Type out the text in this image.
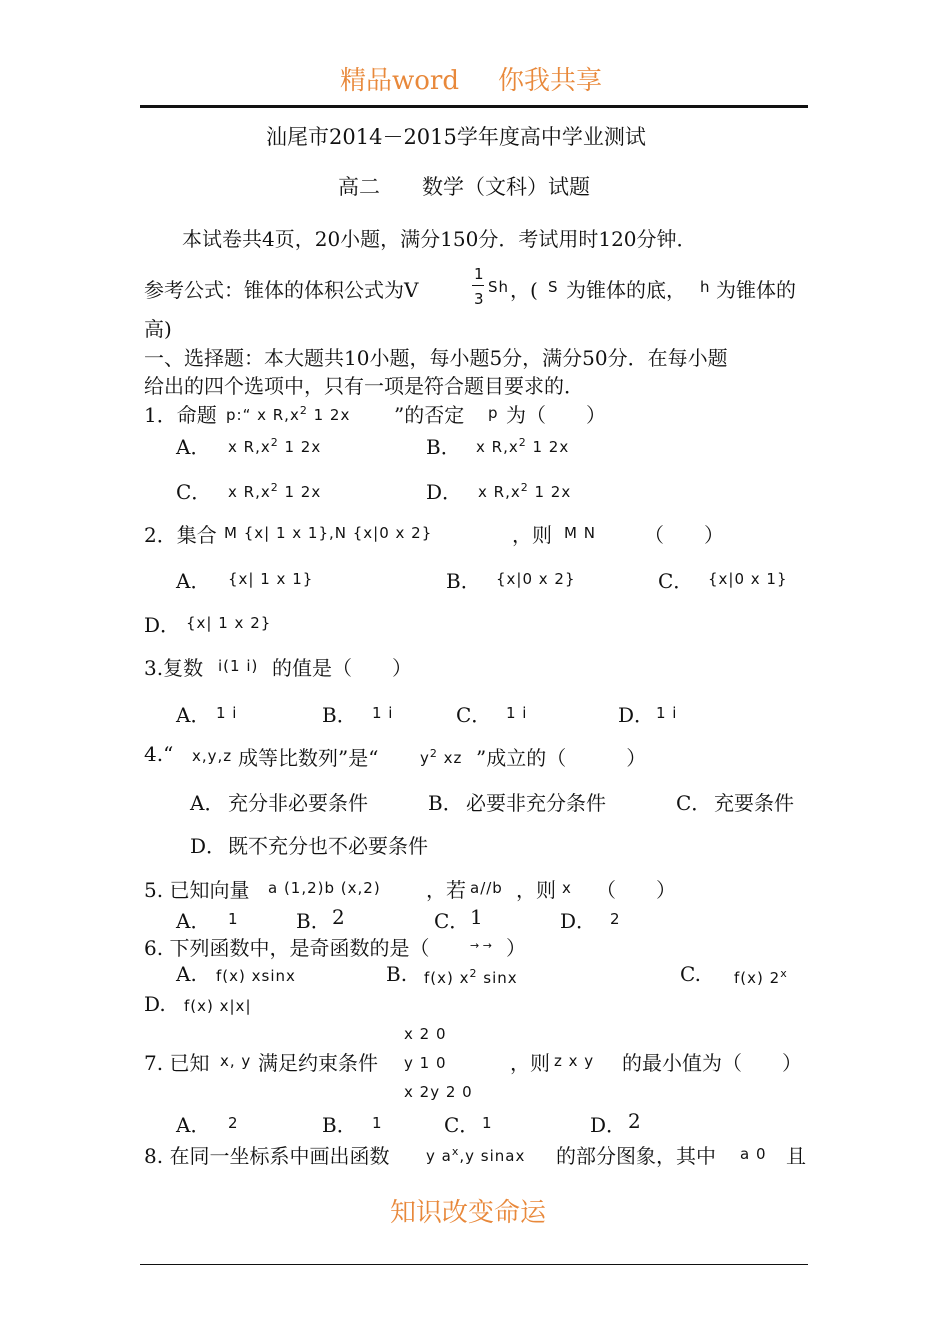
精品word 你我共享
汕尾市2014－2015学年度高中学业测试
高二 数学（文科）试题
本试卷共4页，20小题，满分150分．考试用时120分钟．
参考公式：锥体的体积公式为V
1
3
Sh ，( S 为锥体的底， h 为锥体的
高)
一、选择题：本大题共10小题，每小题5分，满分50分．在每小题
给出的四个选项中，只有一项是符合题目要求的．
1．命题 p:“ x $R,x^2$ 1 2x ”的否定 p 为（　　）
A． x $R,x^2$ 1 2x	B． x $R,x^2$ 1 2x
C． x $R,x^2$ 1 2x	D． x $R,x^2$ 1 2x
2．集合 M {x| 1 x 1},N {x|0 x 2}	，则 M N （　　）
A． {x| 1 x 1}	B． {x|0 x 2}	C． {x|0 x 1}
D． {x| 1 x 2}
3.复数 i(1 i) 的值是（　　）
A． 1 i	B． 1 i	C． 1 i	D． 1 i
4.“ x,y,z 成等比数列”是“	$y^2$ xz ”成立的（　　　）
A． 充分非必要条件	B． 必要非充分条件	C． 充要条件
D． 既不充分也不必要条件
5. 已知向量 a (1,2)b (x,2) ，若 a//b ，则 x （　　）
A． 1	B． 2	C． 1	D． 2
6. 下列函数中，是奇函数的是（	→ → ）
A. f(x) xsinx	B. f(x) $x^2$ sinx	C. f(x) 2$^x$
D. f(x) x|x|
x 2 0
y 1 0
x 2y 2 0
7. 已知 x, y 满足约束条件	，则 z x y 的最小值为（　　）
A． 2	B． 1	C． 1	D． 2
8. 在同一坐标系中画出函数 y $a^x,y$ sinax 的部分图象，其中 a 0 且
知识改变命运
